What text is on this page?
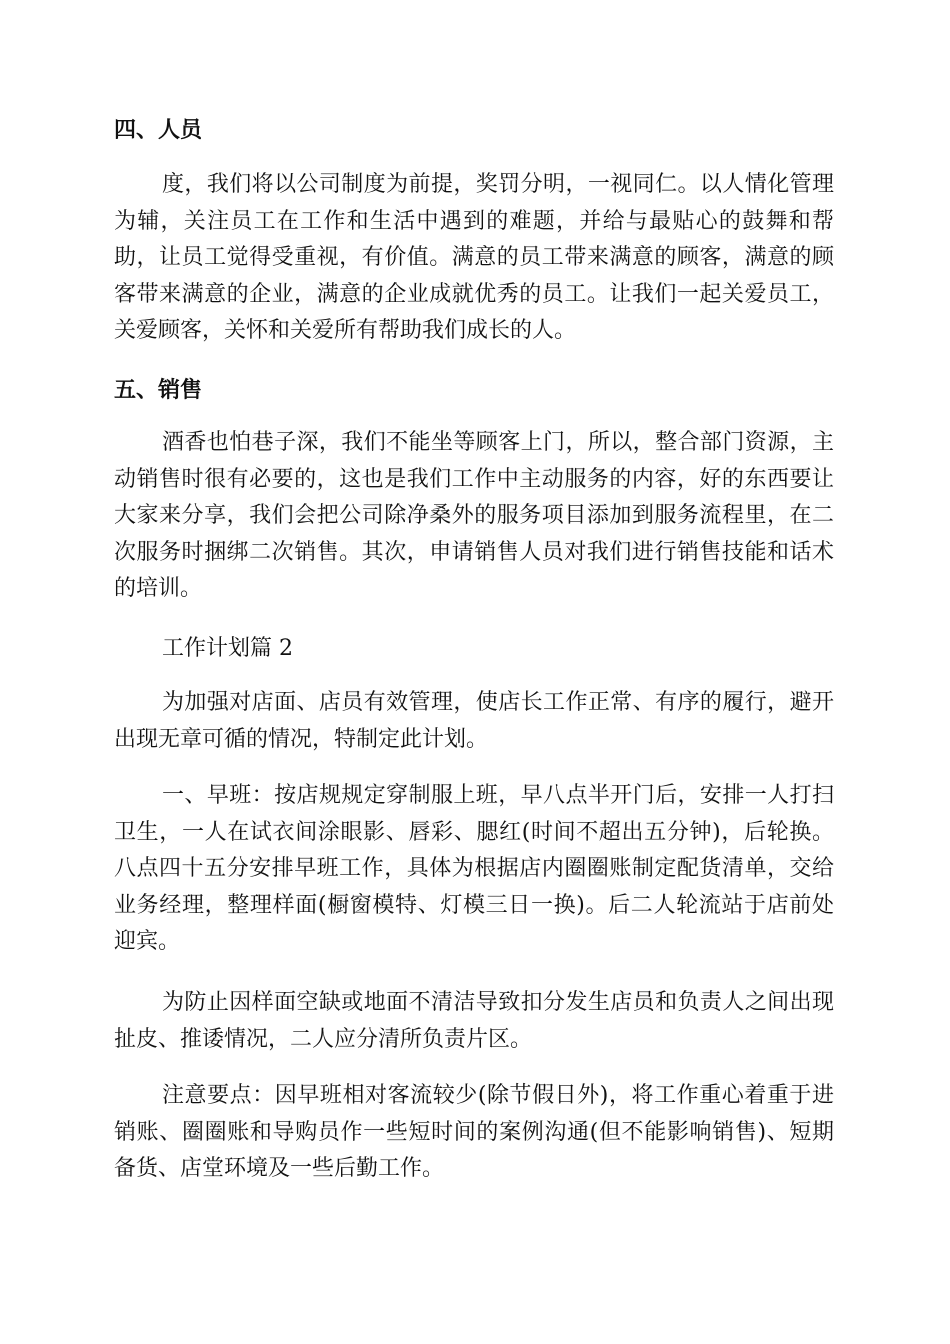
四、人员
度，我们将以公司制度为前提，奖罚分明，一视同仁。以人情化管理
为辅，关注员工在工作和生活中遇到的难题，并给与最贴心的鼓舞和帮
助，让员工觉得受重视，有价值。满意的员工带来满意的顾客，满意的顾
客带来满意的企业，满意的企业成就优秀的员工。让我们一起关爱员工，
关爱顾客，关怀和关爱所有帮助我们成长的人。
五、销售
酒香也怕巷子深，我们不能坐等顾客上门，所以，整合部门资源，主
动销售时很有必要的，这也是我们工作中主动服务的内容，好的东西要让
大家来分享，我们会把公司除净桑外的服务项目添加到服务流程里，在二
次服务时捆绑二次销售。其次，申请销售人员对我们进行销售技能和话术
的培训。
工作计划篇 2
为加强对店面、店员有效管理，使店长工作正常、有序的履行，避开
出现无章可循的情况，特制定此计划。
一、早班：按店规规定穿制服上班，早八点半开门后，安排一人打扫
卫生，一人在试衣间涂眼影、唇彩、腮红(时间不超出五分钟)，后轮换。
八点四十五分安排早班工作，具体为根据店内圈圈账制定配货清单，交给
业务经理，整理样面(橱窗模特、灯模三日一换)。后二人轮流站于店前处
迎宾。
为防止因样面空缺或地面不清洁导致扣分发生店员和负责人之间出现
扯皮、推诿情况，二人应分清所负责片区。
注意要点：因早班相对客流较少(除节假日外)，将工作重心着重于进
销账、圈圈账和导购员作一些短时间的案例沟通(但不能影响销售)、短期
备货、店堂环境及一些后勤工作。
